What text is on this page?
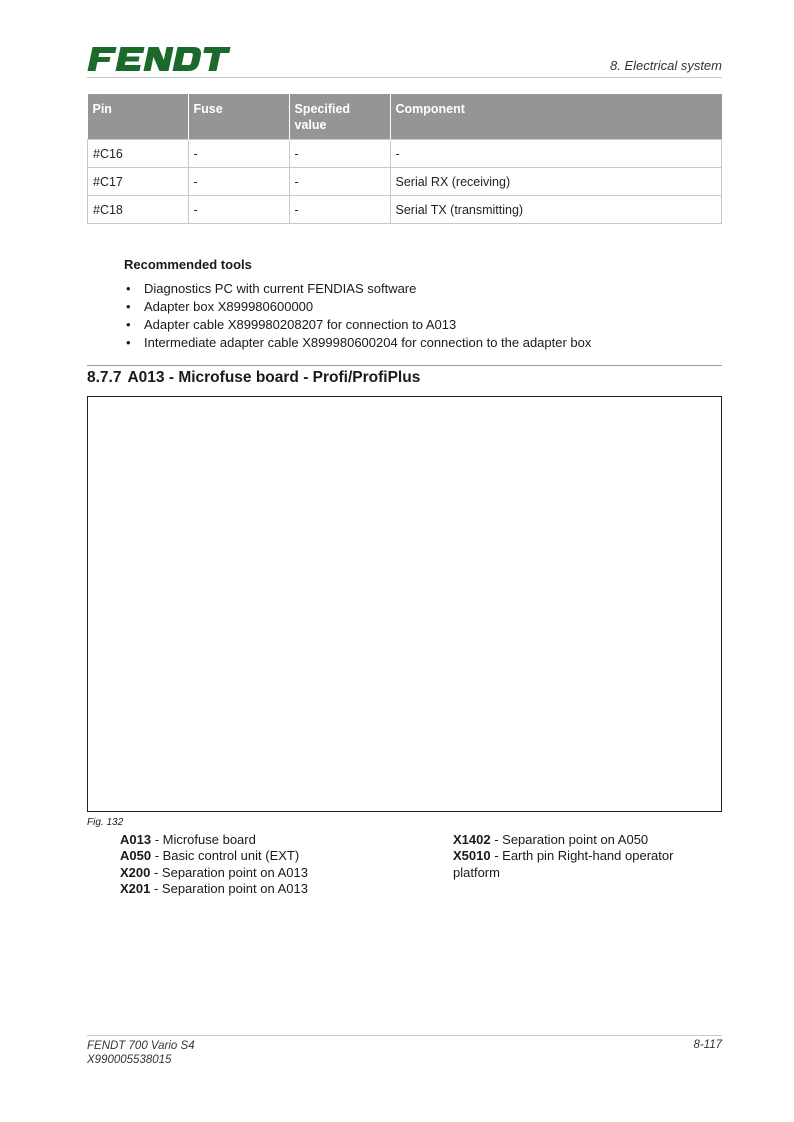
8. Electrical system
Pin	Fuse	Specified value	Component
#C16	-	-	-
#C17	-	-	Serial RX (receiving)
#C18	-	-	Serial TX (transmitting)
Recommended tools
• Diagnostics PC with current FENDIAS software
• Adapter box X899980600000
• Adapter cable X899980208207 for connection to A013
• Intermediate adapter cable X899980600204 for connection to the adapter box
8.7.7 A013 - Microfuse board - Profi/ProfiPlus
Fig. 132
A013 - Microfuse board
A050 - Basic control unit (EXT)
X200 - Separation point on A013
X201 - Separation point on A013
X1402 - Separation point on A050
X5010 - Earth pin Right-hand operator platform
FENDT 700 Vario S4
X990005538015
8-117
